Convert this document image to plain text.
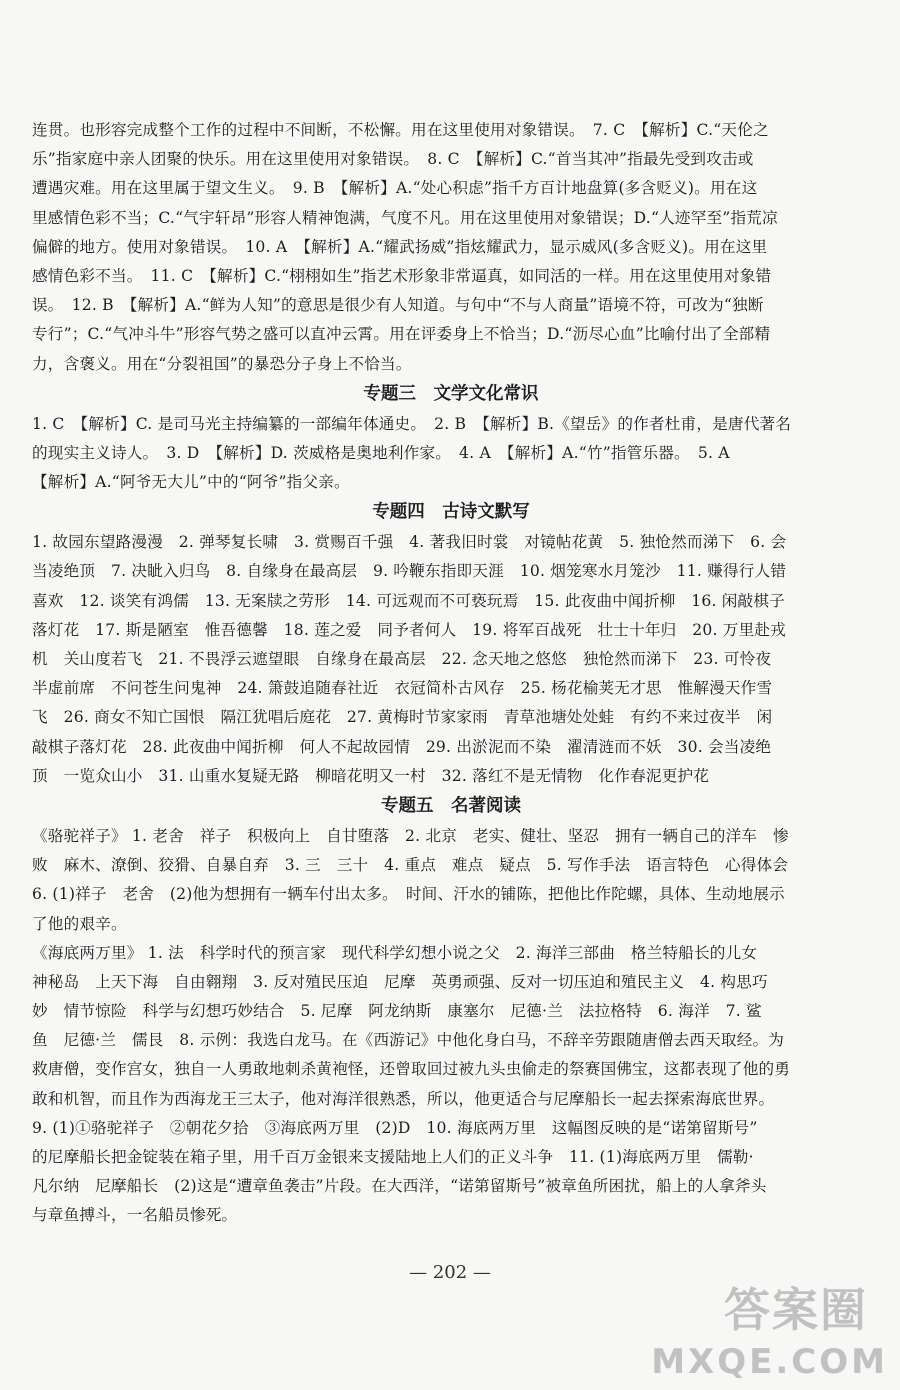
连贯。也形容完成整个工作的过程中不间断，不松懈。用在这里使用对象错误。　7. C　【解析】C.“天伦之
乐”指家庭中亲人团聚的快乐。用在这里使用对象错误。　8. C　【解析】C.“首当其冲”指最先受到攻击或
遭遇灾难。用在这里属于望文生义。　9. B　【解析】A.“处心积虑”指千方百计地盘算(多含贬义)。用在这
里感情色彩不当；C.“气宇轩昂”形容人精神饱满，气度不凡。用在这里使用对象错误；D.“人迹罕至”指荒凉
偏僻的地方。使用对象错误。　10. A　【解析】A.“耀武扬威”指炫耀武力，显示威风(多含贬义)。用在这里
感情色彩不当。　11. C　【解析】C.“栩栩如生”指艺术形象非常逼真，如同活的一样。用在这里使用对象错
误。　12. B　【解析】A.“鲜为人知”的意思是很少有人知道。与句中“不与人商量”语境不符，可改为“独断
专行”；C.“气冲斗牛”形容气势之盛可以直冲云霄。用在评委身上不恰当；D.“沥尽心血”比喻付出了全部精
力，含褒义。用在“分裂祖国”的暴恐分子身上不恰当。
专题三　文学文化常识
1. C　【解析】C. 是司马光主持编纂的一部编年体通史。　2. B　【解析】B.《望岳》的作者杜甫，是唐代著名
的现实主义诗人。　3. D　【解析】D. 茨威格是奥地利作家。　4. A　【解析】A.“竹”指管乐器。　5. A
【解析】A.“阿爷无大儿”中的“阿爷”指父亲。
专题四　古诗文默写
1. 故园东望路漫漫　2. 弹琴复长啸　3. 赏赐百千强　4. 著我旧时裳　对镜帖花黄　5. 独怆然而涕下　6. 会
当凌绝顶　7. 决眦入归鸟　8. 自缘身在最高层　9. 吟鞭东指即天涯　10. 烟笼寒水月笼沙　11. 赚得行人错
喜欢　12. 谈笑有鸿儒　13. 无案牍之劳形　14. 可远观而不可亵玩焉　15. 此夜曲中闻折柳　16. 闲敲棋子
落灯花　17. 斯是陋室　惟吾德馨　18. 莲之爱　同予者何人　19. 将军百战死　壮士十年归　20. 万里赴戎
机　关山度若飞　21. 不畏浮云遮望眼　自缘身在最高层　22. 念天地之悠悠　独怆然而涕下　23. 可怜夜
半虚前席　不问苍生问鬼神　24. 箫鼓追随春社近　衣冠简朴古风存　25. 杨花榆荚无才思　惟解漫天作雪
飞　26. 商女不知亡国恨　隔江犹唱后庭花　27. 黄梅时节家家雨　青草池塘处处蛙　有约不来过夜半　闲
敲棋子落灯花　28. 此夜曲中闻折柳　何人不起故园情　29. 出淤泥而不染　濯清涟而不妖　30. 会当凌绝
顶　一览众山小　31. 山重水复疑无路　柳暗花明又一村　32. 落红不是无情物　化作春泥更护花
专题五　名著阅读
《骆驼祥子》 1. 老舍　祥子　积极向上　自甘堕落　2. 北京　老实、健壮、坚忍　拥有一辆自己的洋车　惨
败　麻木、潦倒、狡猾、自暴自弃　3. 三　三十　4. 重点　难点　疑点　5. 写作手法　语言特色　心得体会
6. (1)祥子　老舍　(2)他为想拥有一辆车付出太多。　时间、汗水的铺陈，把他比作陀螺，具体、生动地展示
了他的艰辛。
《海底两万里》 1. 法　科学时代的预言家　现代科学幻想小说之父　2. 海洋三部曲　格兰特船长的儿女
神秘岛　上天下海　自由翱翔　3. 反对殖民压迫　尼摩　英勇顽强、反对一切压迫和殖民主义　4. 构思巧
妙　情节惊险　科学与幻想巧妙结合　5. 尼摩　阿龙纳斯　康塞尔　尼德·兰　法拉格特　6. 海洋　7. 鲨
鱼　尼德·兰　儒艮　8. 示例：我选白龙马。在《西游记》中他化身白马，不辞辛劳跟随唐僧去西天取经。为
救唐僧，变作宫女，独自一人勇敢地刺杀黄袍怪，还曾取回过被九头虫偷走的祭赛国佛宝，这都表现了他的勇
敢和机智，而且作为西海龙王三太子，他对海洋很熟悉，所以，他更适合与尼摩船长一起去探索海底世界。
9. (1)①骆驼祥子　②朝花夕拾　③海底两万里　(2)D　10. 海底两万里　这幅图反映的是“诺第留斯号”
的尼摩船长把金锭装在箱子里，用千百万金银来支援陆地上人们的正义斗争　11. (1)海底两万里　儒勒·
凡尔纳　尼摩船长　(2)这是“遭章鱼袭击”片段。在大西洋，“诺第留斯号”被章鱼所困扰，船上的人拿斧头
与章鱼搏斗，一名船员惨死。
— 202 —
答案圈
MXQE.COM
